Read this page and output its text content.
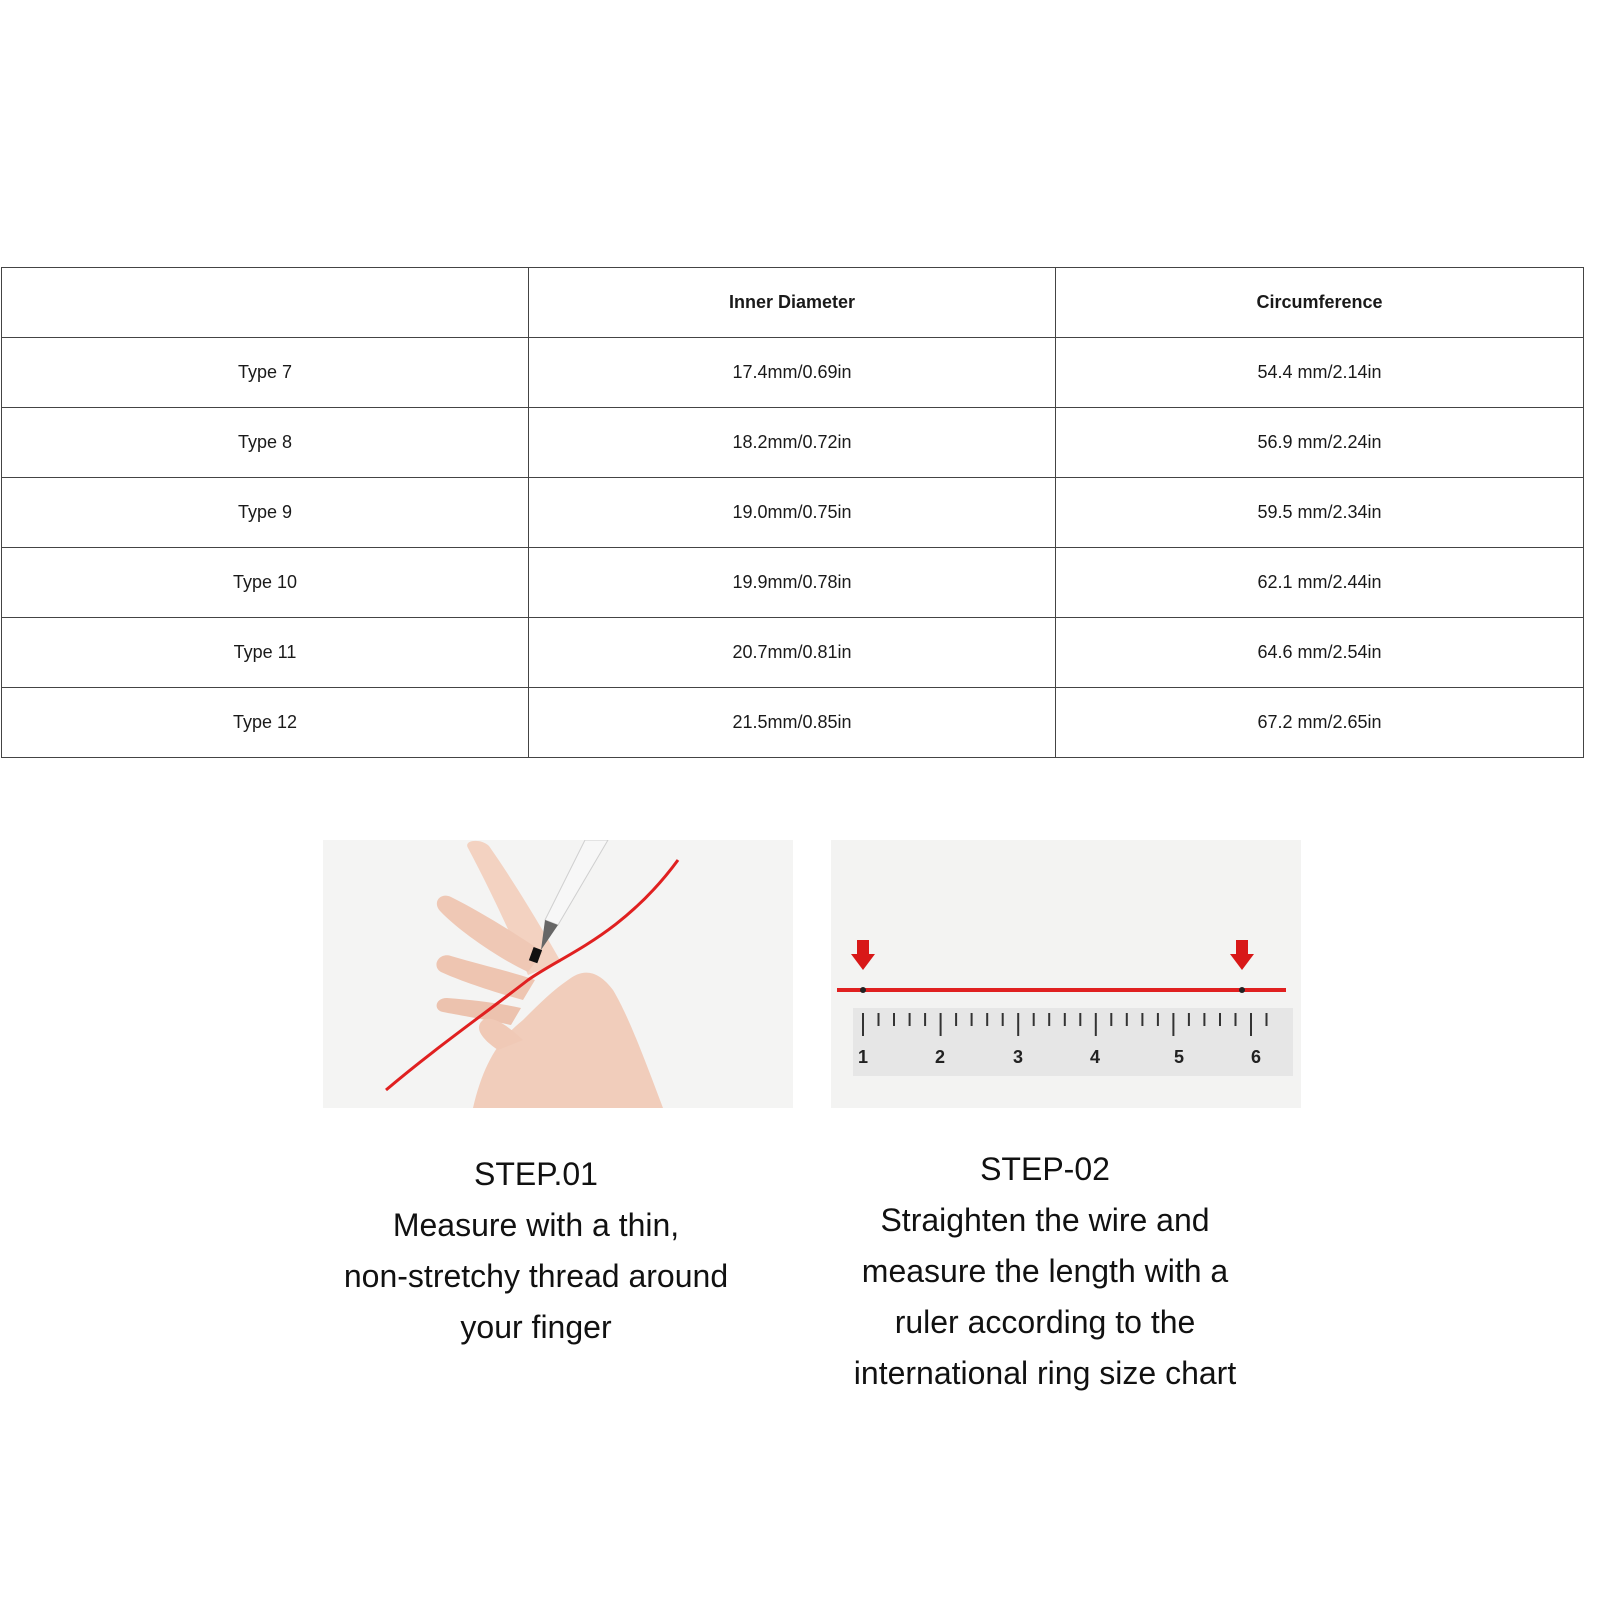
	Inner Diameter	Circumference
Type 7	17.4mm/0.69in	54.4 mm/2.14in
Type 8	18.2mm/0.72in	56.9 mm/2.24in
Type 9	19.0mm/0.75in	59.5 mm/2.34in
Type 10	19.9mm/0.78in	62.1 mm/2.44in
Type 11	20.7mm/0.81in	64.6 mm/2.54in
Type 12	21.5mm/0.85in	67.2 mm/2.65in
1	2	3	4	5	6
STEP.01
Measure with a thin,
non-stretchy thread around
your finger
STEP-02
Straighten the wire and
measure the length with a
ruler according to the
international ring size chart
